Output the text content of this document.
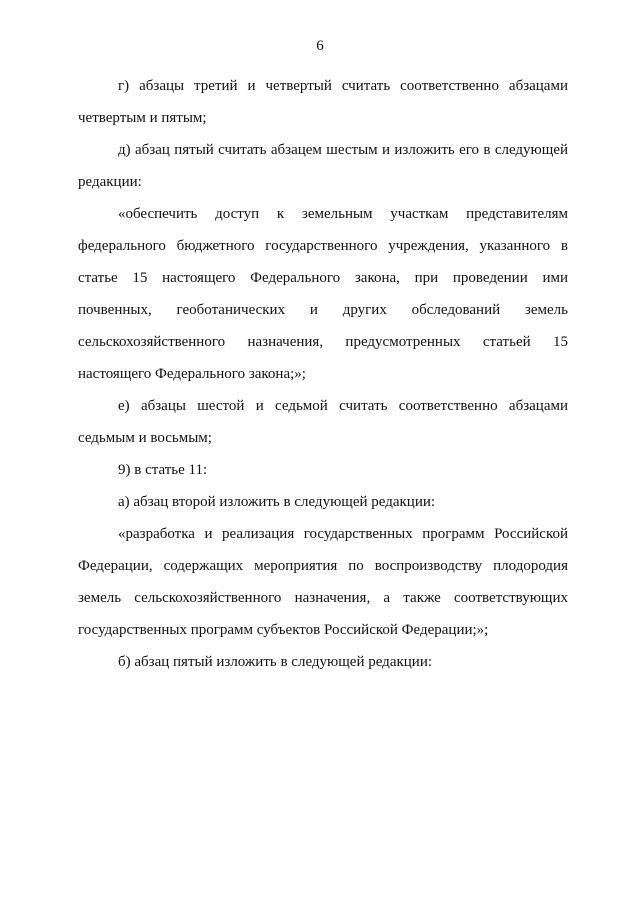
6

г) абзацы третий и четвертый считать соответственно абзацами четвертым и пятым;

д) абзац пятый считать абзацем шестым и изложить его в следующей редакции:

«обеспечить доступ к земельным участкам представителям федерального бюджетного государственного учреждения, указанного в статье 15 настоящего Федерального закона, при проведении ими почвенных, геоботанических и других обследований земель сельскохозяйственного назначения, предусмотренных статьей 15 настоящего Федерального закона;»;

е) абзацы шестой и седьмой считать соответственно абзацами седьмым и восьмым;

9) в статье 11:

а) абзац второй изложить в следующей редакции:

«разработка и реализация государственных программ Российской Федерации, содержащих мероприятия по воспроизводству плодородия земель сельскохозяйственного назначения, а также соответствующих государственных программ субъектов Российской Федерации;»;

б) абзац пятый изложить в следующей редакции:
